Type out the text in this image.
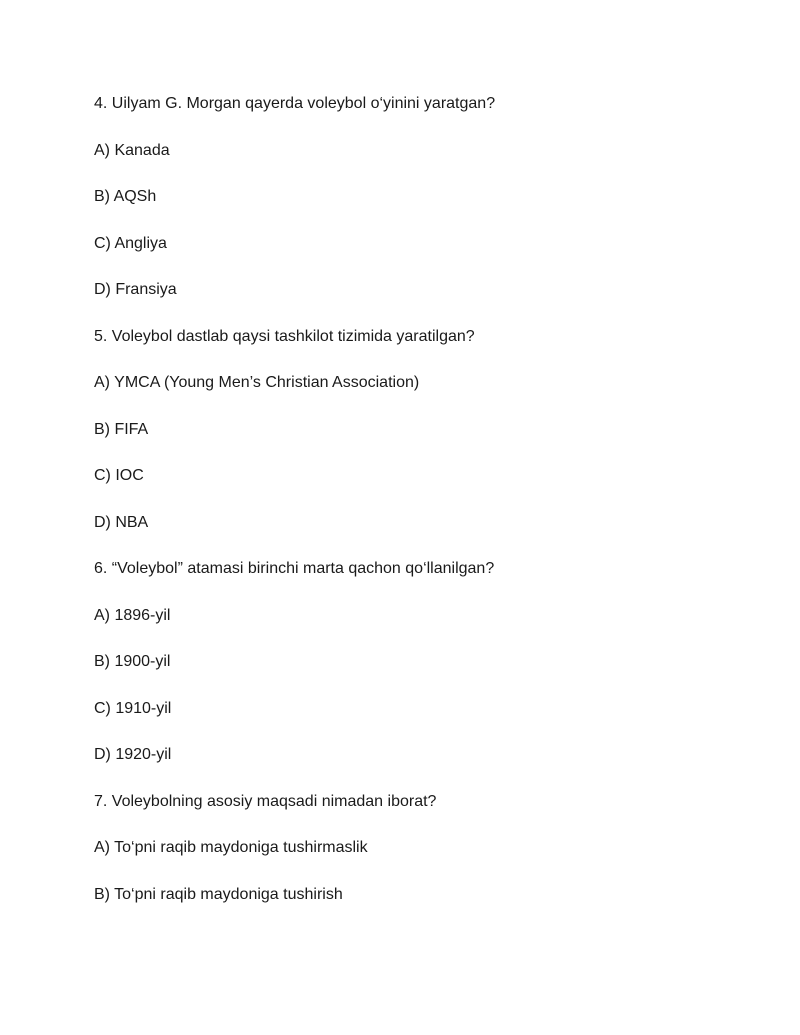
4. Uilyam G. Morgan qayerda voleybol o‘yinini yaratgan?
A) Kanada
B) AQSh
C) Angliya
D) Fransiya
5. Voleybol dastlab qaysi tashkilot tizimida yaratilgan?
A) YMCA (Young Men’s Christian Association)
B) FIFA
C) IOC
D) NBA
6. “Voleybol” atamasi birinchi marta qachon qo‘llanilgan?
A) 1896-yil
B) 1900-yil
C) 1910-yil
D) 1920-yil
7. Voleybolning asosiy maqsadi nimadan iborat?
A) To‘pni raqib maydoniga tushirmaslik
B) To‘pni raqib maydoniga tushirish
